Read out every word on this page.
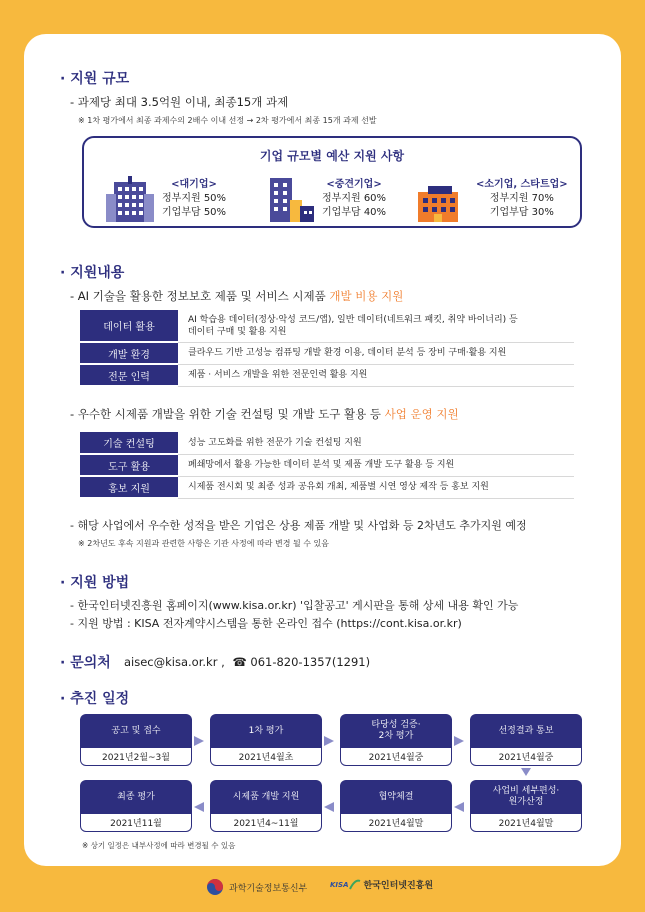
· 지원 규모
- 과제당 최대 3.5억원 이내, 최종15개 과제
※ 1차 평가에서 최종 과제수의 2배수 이내 선정 → 2차 평가에서 최종 15개 과제 선발
기업 규모별 예산 지원 사항
<대기업>
정부지원 50%
기업부담 50%
<중견기업>
정부지원 60%
기업부담 40%
<소기업, 스타트업>
정부지원 70%
기업부담 30%
· 지원내용
- AI 기술을 활용한 정보보호 제품 및 서비스 시제품 개발 비용 지원
데이터 활용	AI 학습용 데이터(정상·악성 코드/앱), 일반 데이터(네트워크 패킷, 취약 바이너리) 등
데이터 구매 및 활용 지원
개발 환경	클라우드 기반 고성능 컴퓨팅 개발 환경 이용, 데이터 분석 등 장비 구매·활용 지원
전문 인력	제품 · 서비스 개발을 위한 전문인력 활용 지원
- 우수한 시제품 개발을 위한 기술 컨설팅 및 개발 도구 활용 등 사업 운영 지원
기술 컨설팅	성능 고도화를 위한 전문가 기술 컨설팅 지원
도구 활용	폐쇄망에서 활용 가능한 데이터 분석 및 제품 개발 도구 활용 등 지원
홍보 지원	시제품 전시회 및 최종 성과 공유회 개최, 제품별 시연 영상 제작 등 홍보 지원
- 해당 사업에서 우수한 성적을 받은 기업은 상용 제품 개발 및 사업화 등 2차년도 추가지원 예정
※ 2차년도 후속 지원과 관련한 사항은 기관 사정에 따라 변경 될 수 있음
· 지원 방법
- 한국인터넷진흥원 홈페이지(www.kisa.or.kr) '입찰공고' 게시판을 통해 상세 내용 확인 가능
- 지원 방법 : KISA 전자계약시스템을 통한 온라인 접수 (https://cont.kisa.or.kr)
· 문의처 aisec@kisa.or.kr , ☎ 061-820-1357(1291)
· 추진 일정
공고 및 접수
2021년2월~3월
1차 평가
2021년4월초
타당성 검증·
2차 평가
2021년4월중
선정결과 통보
2021년4월중
사업비 세부편성·
원가산정
2021년4월말
협약체결
2021년4월말
시제품 개발 지원
2021년4~11월
최종 평가
2021년11월
※ 상기 일정은 내부사정에 따라 변경될 수 있음
과학기술정보통신부	KISA 한국인터넷진흥원
